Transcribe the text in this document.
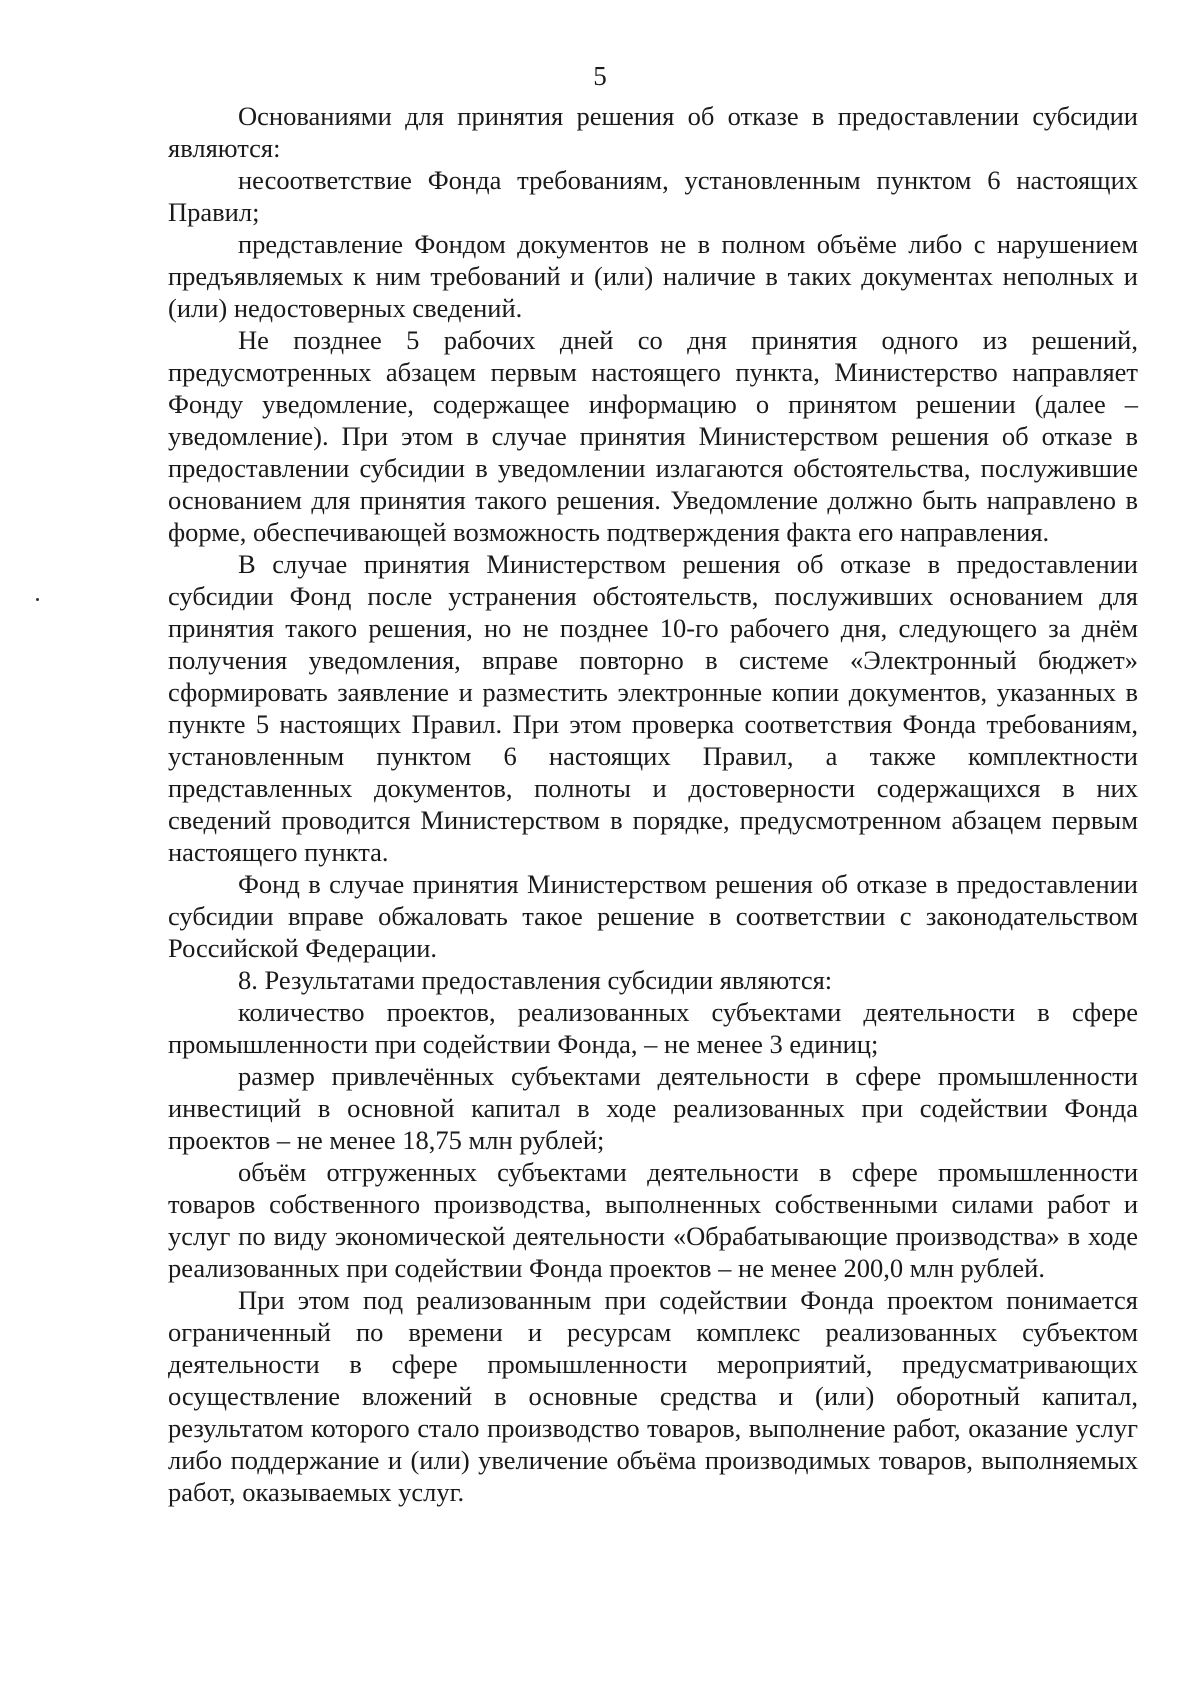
5

Основаниями для принятия решения об отказе в предоставлении субсидии являются:

несоответствие Фонда требованиям, установленным пунктом 6 настоящих Правил;

представление Фондом документов не в полном объёме либо с нарушением предъявляемых к ним требований и (или) наличие в таких документах неполных и (или) недостоверных сведений.

Не позднее 5 рабочих дней со дня принятия одного из решений, предусмотренных абзацем первым настоящего пункта, Министерство направляет Фонду уведомление, содержащее информацию о принятом решении (далее – уведомление). При этом в случае принятия Министерством решения об отказе в предоставлении субсидии в уведомлении излагаются обстоятельства, послужившие основанием для принятия такого решения. Уведомление должно быть направлено в форме, обеспечивающей возможность подтверждения факта его направления.

В случае принятия Министерством решения об отказе в предоставлении субсидии Фонд после устранения обстоятельств, послуживших основанием для принятия такого решения, но не позднее 10-го рабочего дня, следующего за днём получения уведомления, вправе повторно в системе «Электронный бюджет» сформировать заявление и разместить электронные копии документов, указанных в пункте 5 настоящих Правил. При этом проверка соответствия Фонда требованиям, установленным пунктом 6 настоящих Правил, а также комплектности представленных документов, полноты и достоверности содержащихся в них сведений проводится Министерством в порядке, предусмотренном абзацем первым настоящего пункта.

Фонд в случае принятия Министерством решения об отказе в предоставлении субсидии вправе обжаловать такое решение в соответствии с законодательством Российской Федерации.

8. Результатами предоставления субсидии являются:

количество проектов, реализованных субъектами деятельности в сфере промышленности при содействии Фонда, – не менее 3 единиц;

размер привлечённых субъектами деятельности в сфере промышленности инвестиций в основной капитал в ходе реализованных при содействии Фонда проектов – не менее 18,75 млн рублей;

объём отгруженных субъектами деятельности в сфере промышленности товаров собственного производства, выполненных собственными силами работ и услуг по виду экономической деятельности «Обрабатывающие производства» в ходе реализованных при содействии Фонда проектов – не менее 200,0 млн рублей.

При этом под реализованным при содействии Фонда проектом понимается ограниченный по времени и ресурсам комплекс реализованных субъектом деятельности в сфере промышленности мероприятий, предусматривающих осуществление вложений в основные средства и (или) оборотный капитал, результатом которого стало производство товаров, выполнение работ, оказание услуг либо поддержание и (или) увеличение объёма производимых товаров, выполняемых работ, оказываемых услуг.
